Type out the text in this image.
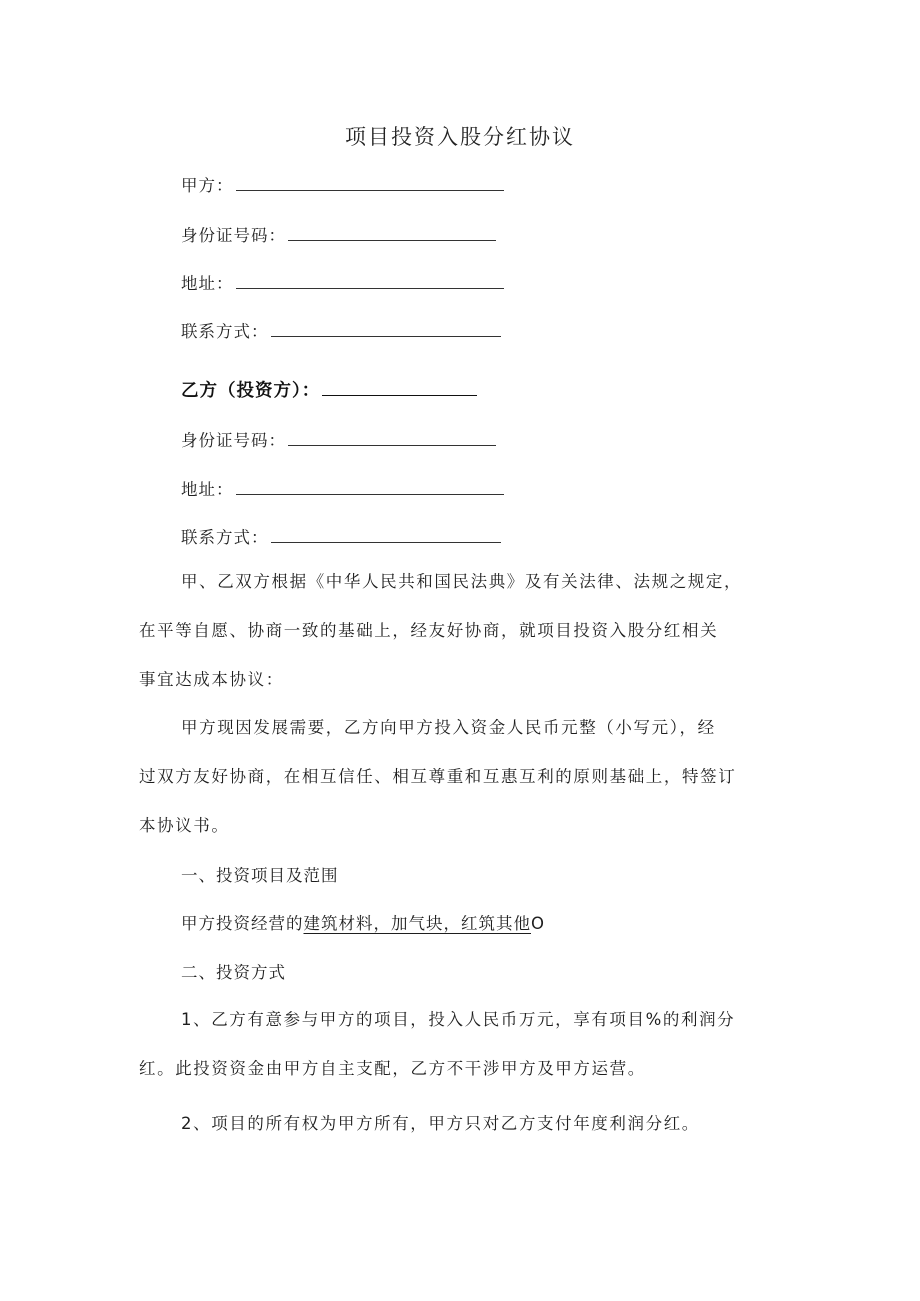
项目投资入股分红协议
甲方：
身份证号码：
地址：
联系方式：
乙方（投资方）：
身份证号码：
地址：
联系方式：
甲、乙双方根据《中华人民共和国民法典》及有关法律、法规之规定，
在平等自愿、协商一致的基础上，经友好协商，就项目投资入股分红相关
事宜达成本协议：
甲方现因发展需要，乙方向甲方投入资金人民币元整（小写元），经
过双方友好协商，在相互信任、相互尊重和互惠互利的原则基础上，特签订
本协议书。
一、投资项目及范围
甲方投资经营的建筑材料，加气块，红筑其他O
二、投资方式
1、乙方有意参与甲方的项目，投入人民币万元，享有项目%的利润分
红。此投资资金由甲方自主支配，乙方不干涉甲方及甲方运营。
2、项目的所有权为甲方所有，甲方只对乙方支付年度利润分红。
